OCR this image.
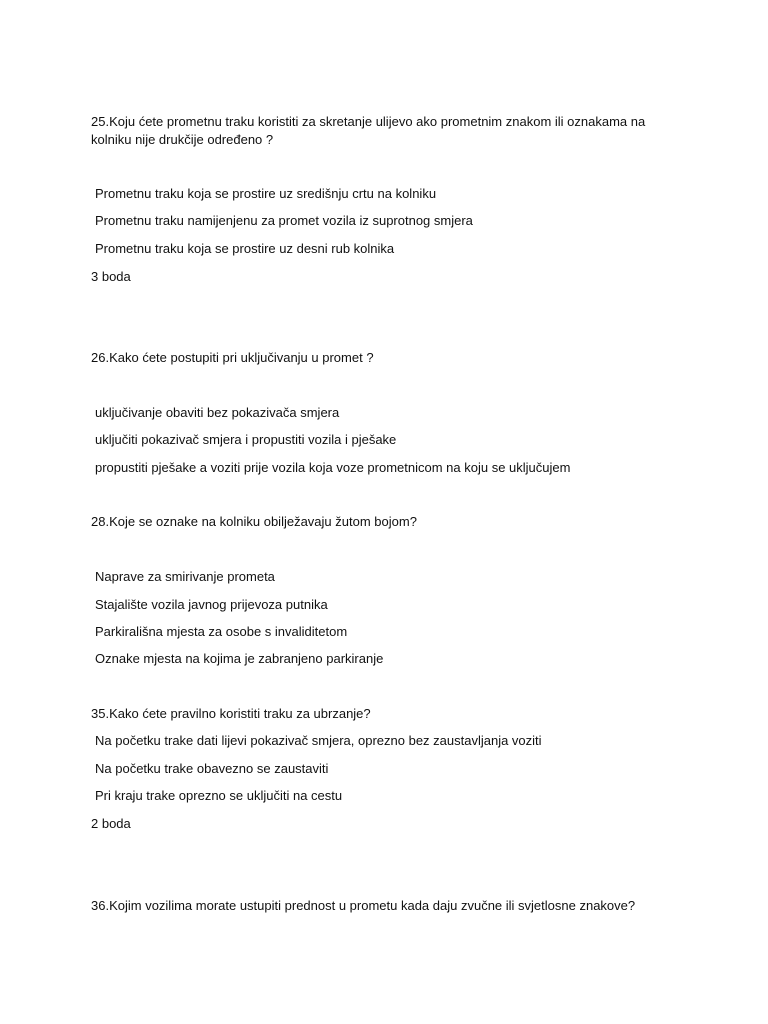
25.Koju ćete prometnu traku koristiti za skretanje ulijevo ako prometnim znakom ili oznakama na
kolniku nije drukčije određeno ?
Prometnu traku koja se prostire uz središnju crtu na kolniku
Prometnu traku namijenjenu za promet vozila iz suprotnog smjera
Prometnu traku koja se prostire uz desni rub kolnika
3 boda
26.Kako ćete postupiti pri uključivanju u promet ?
uključivanje obaviti bez pokazivača smjera
uključiti pokazivač smjera i propustiti vozila i pješake
propustiti pješake a voziti prije vozila koja voze prometnicom na koju se uključujem
28.Koje se oznake na kolniku obilježavaju žutom bojom?
Naprave za smirivanje prometa
Stajalište vozila javnog prijevoza putnika
Parkirališna mjesta za osobe s invaliditetom
Oznake mjesta na kojima je zabranjeno parkiranje
35.Kako ćete pravilno koristiti traku za ubrzanje?
Na početku trake dati lijevi pokazivač smjera, oprezno bez zaustavljanja voziti
Na početku trake obavezno se zaustaviti
Pri kraju trake oprezno se uključiti na cestu
2 boda
36.Kojim vozilima morate ustupiti prednost u prometu kada daju zvučne ili svjetlosne znakove?
